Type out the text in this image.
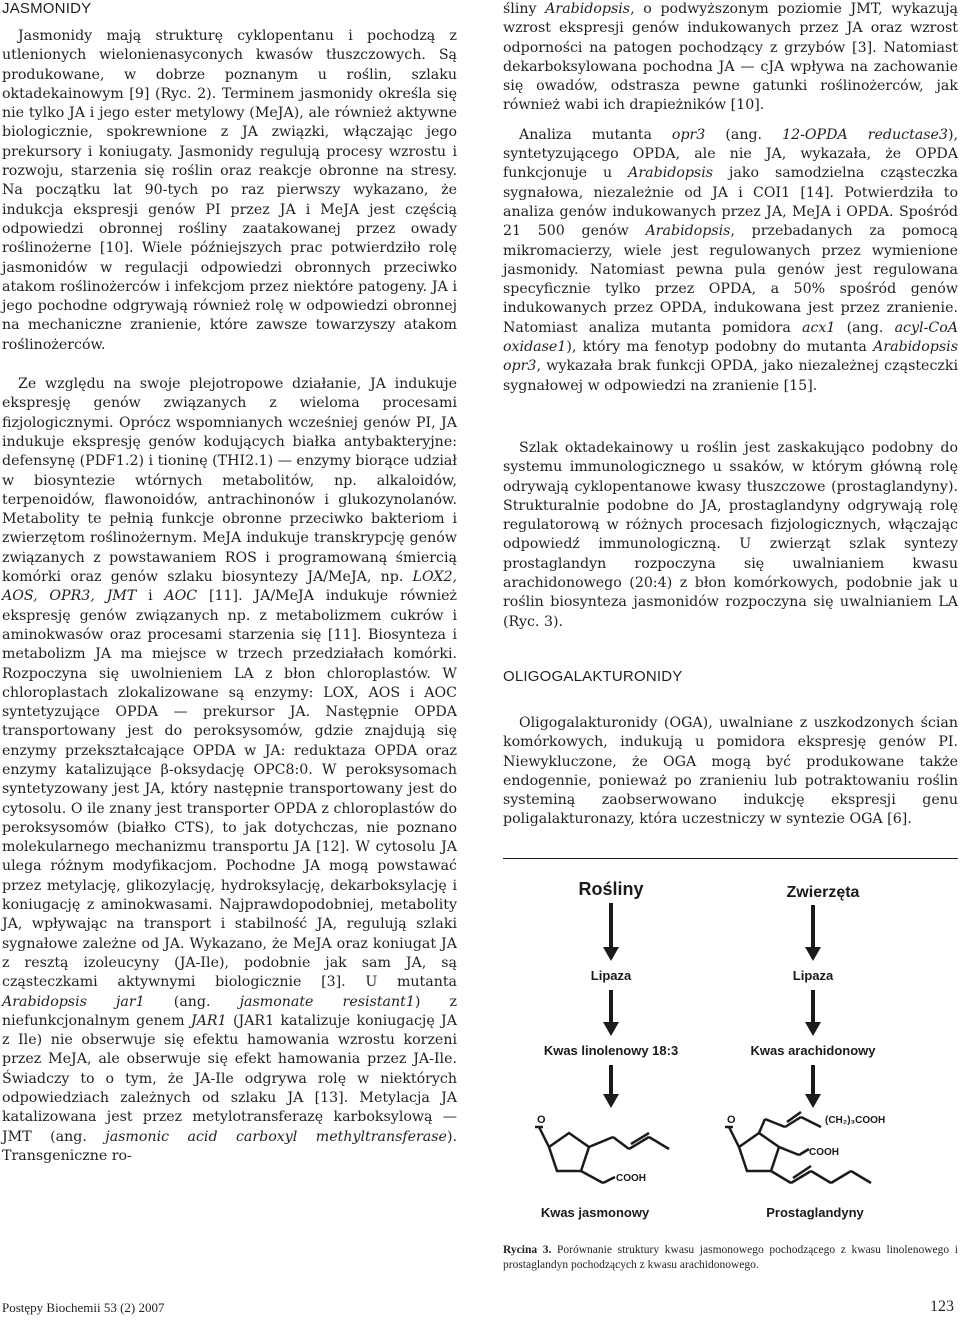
JASMONIDY

Jasmonidy mają strukturę cyklopentanu i pochodzą z utlenionych wielonienasyconych kwasów tłuszczowych. Są produkowane, w dobrze poznanym u roślin, szlaku oktadekainowym [9] (Ryc. 2). Terminem jasmonidy określa się nie tylko JA i jego ester metylowy (MeJA), ale również aktywne biologicznie, spokrewnione z JA związki, włączając jego prekursory i koniugaty. Jasmonidy regulują procesy wzrostu i rozwoju, starzenia się roślin oraz reakcje obronne na stresy. Na początku lat 90-tych po raz pierwszy wykazano, że indukcja ekspresji genów PI przez JA i MeJA jest częścią odpowiedzi obronnej rośliny zaatakowanej przez owady roślinożerne [10]. Wiele późniejszych prac potwierdziło rolę jasmonidów w regulacji odpowiedzi obronnych przeciwko atakom roślinożerców i infekcjom przez niektóre patogeny. JA i jego pochodne odgrywają również rolę w odpowiedzi obronnej na mechaniczne zranienie, które zawsze towarzyszy atakom roślinożerców.

Ze względu na swoje plejotropowe działanie, JA indukuje ekspresję genów związanych z wieloma procesami fizjologicznymi. Oprócz wspomnianych wcześniej genów PI, JA indukuje ekspresję genów kodujących białka antybakteryjne: defensynę (PDF1.2) i tioninę (THI2.1) — enzymy biorące udział w biosyntezie wtórnych metabolitów, np. alkaloidów, terpenoidów, flawonoidów, antrachinonów i glukozynolanów. Metabolity te pełnią funkcje obronne przeciwko bakteriom i zwierzętom roślinożernym. MeJA indukuje transkrypcję genów związanych z powstawaniem ROS i programowaną śmiercią komórki oraz genów szlaku biosyntezy JA/MeJA, np. LOX2, AOS, OPR3, JMT i AOC [11]. JA/MeJA indukuje również ekspresję genów związanych np. z metabolizmem cukrów i aminokwasów oraz procesami starzenia się [11]. Biosynteza i metabolizm JA ma miejsce w trzech przedziałach komórki. Rozpoczyna się uwolnieniem LA z błon chloroplastów. W chloroplastach zlokalizowane są enzymy: LOX, AOS i AOC syntetyzujące OPDA — prekursor JA. Następnie OPDA transportowany jest do peroksysomów, gdzie znajdują się enzymy przekształcające OPDA w JA: reduktaza OPDA oraz enzymy katalizujące β-oksydację OPC8:0. W peroksysomach syntetyzowany jest JA, który następnie transportowany jest do cytosolu. O ile znany jest transporter OPDA z chloroplastów do peroksysomów (białko CTS), to jak dotychczas, nie poznano molekularnego mechanizmu transportu JA [12]. W cytosolu JA ulega różnym modyfikacjom. Pochodne JA mogą powstawać przez metylację, glikozylację, hydroksylację, dekarboksylację i koniugację z aminokwasami. Najprawdopodobniej, metabolity JA, wpływając na transport i stabilność JA, regulują szlaki sygnałowe zależne od JA. Wykazano, że MeJA oraz koniugat JA z resztą izoleucyny (JA-Ile), podobnie jak sam JA, są cząsteczkami aktywnymi biologicznie [3]. U mutanta Arabidopsis jar1 (ang. jasmonate resistant1) z niefunkcjonalnym genem JAR1 (JAR1 katalizuje koniugację JA z Ile) nie obserwuje się efektu hamowania wzrostu korzeni przez MeJA, ale obserwuje się efekt hamowania przez JA-Ile. Świadczy to o tym, że JA-Ile odgrywa rolę w niektórych odpowiedziach zależnych od szlaku JA [13]. Metylacja JA katalizowana jest przez metylotransferazę karboksylową — JMT (ang. jasmonic acid carboxyl methyltransferase). Transgeniczne ro-

śliny Arabidopsis, o podwyższonym poziomie JMT, wykazują wzrost ekspresji genów indukowanych przez JA oraz wzrost odporności na patogen pochodzący z grzybów [3]. Natomiast dekarboksylowana pochodna JA — cJA wpływa na zachowanie się owadów, odstrasza pewne gatunki roślinożerców, jak również wabi ich drapieżników [10].

Analiza mutanta opr3 (ang. 12-OPDA reductase3), syntetyzującego OPDA, ale nie JA, wykazała, że OPDA funkcjonuje u Arabidopsis jako samodzielna cząsteczka sygnałowa, niezależnie od JA i COI1 [14]. Potwierdziła to analiza genów indukowanych przez JA, MeJA i OPDA. Spośród 21 500 genów Arabidopsis, przebadanych za pomocą mikromacierzy, wiele jest regulowanych przez wymienione jasmonidy. Natomiast pewna pula genów jest regulowana specyficznie tylko przez OPDA, a 50% spośród genów indukowanych przez OPDA, indukowana jest przez zranienie. Natomiast analiza mutanta pomidora acx1 (ang. acyl-CoA oxidase1), który ma fenotyp podobny do mutanta Arabidopsis opr3, wykazała brak funkcji OPDA, jako niezależnej cząsteczki sygnałowej w odpowiedzi na zranienie [15].

Szlak oktadekainowy u roślin jest zaskakująco podobny do systemu immunologicznego u ssaków, w którym główną rolę odrywają cyklopentanowe kwasy tłuszczowe (prostaglandyny). Strukturalnie podobne do JA, prostaglandyny odgrywają rolę regulatorową w różnych procesach fizjologicznych, włączając odpowiedź immunologiczną. U zwierząt szlak syntezy prostaglandyn rozpoczyna się uwalnianiem kwasu arachidonowego (20:4) z błon komórkowych, podobnie jak u roślin biosynteza jasmonidów rozpoczyna się uwalnianiem LA (Ryc. 3).

OLIGOGALAKTURONIDY

Oligogalakturonidy (OGA), uwalniane z uszkodzonych ścian komórkowych, indukują u pomidora ekspresję genów PI. Niewykluczone, że OGA mogą być produkowane także endogennie, ponieważ po zranieniu lub potraktowaniu roślin systeminą zaobserwowano indukcję ekspresji genu poligalakturonazy, która uczestniczy w syntezie OGA [6].

Rośliny	Zwierzęta
Lipaza	Lipaza
Kwas linolenowy 18:3	Kwas arachidonowy
O
COOH
O	(CH₂)₃COOH
COOH
Kwas jasmonowy	Prostaglandyny
Rycina 3. Porównanie struktury kwasu jasmonowego pochodzącego z kwasu linolenowego i prostaglandyn pochodzących z kwasu arachidonowego.
Postępy Biochemii 53 (2) 2007	123
